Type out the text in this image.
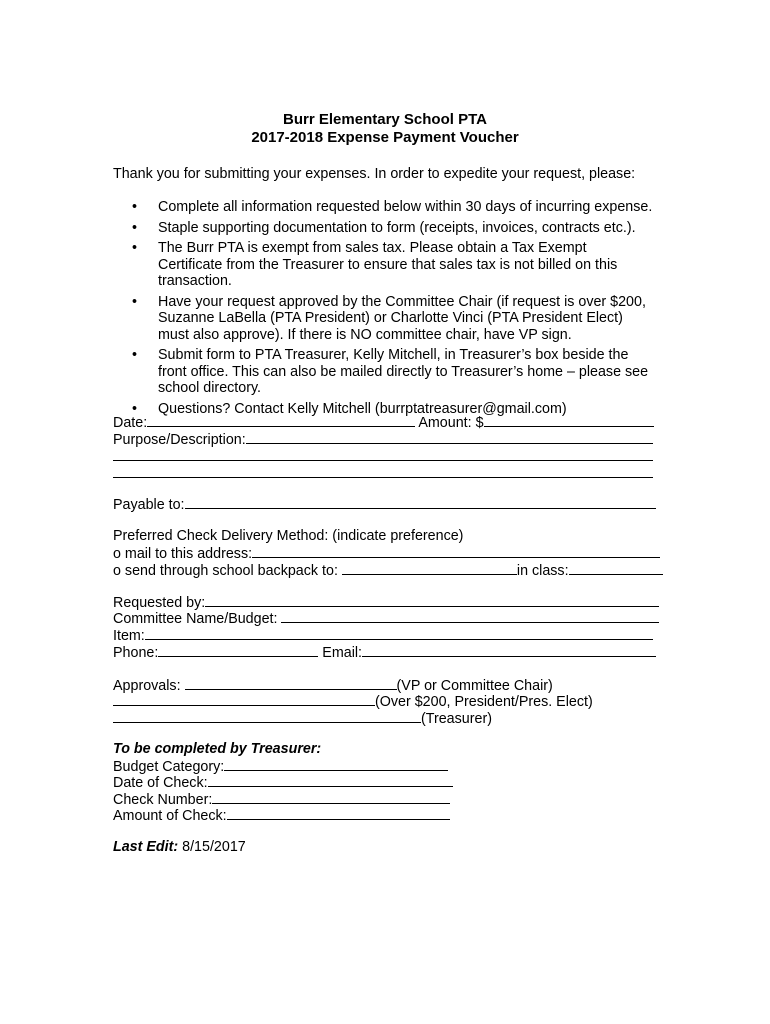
Burr Elementary School PTA
2017-2018 Expense Payment Voucher
Thank you for submitting your expenses. In order to expedite your request, please:
• Complete all information requested below within 30 days of incurring expense.
• Staple supporting documentation to form (receipts, invoices, contracts etc.).
• The Burr PTA is exempt from sales tax. Please obtain a Tax Exempt Certificate from the Treasurer to ensure that sales tax is not billed on this transaction.
• Have your request approved by the Committee Chair (if request is over $200, Suzanne LaBella (PTA President) or Charlotte Vinci (PTA President Elect) must also approve). If there is NO committee chair, have VP sign.
• Submit form to PTA Treasurer, Kelly Mitchell, in Treasurer’s box beside the front office. This can also be mailed directly to Treasurer’s home – please see school directory.
• Questions? Contact Kelly Mitchell (burrptatreasurer@gmail.com)
Date:	Amount: $
Purpose/Description:
Payable to:
Preferred Check Delivery Method: (indicate preference)
o mail to this address:
o send through school backpack to:	in class:
Requested by:
Committee Name/Budget:
Item:
Phone:	Email:
Approvals:	(VP or Committee Chair)
(Over $200, President/Pres. Elect)
(Treasurer)
To be completed by Treasurer:
Budget Category:
Date of Check:
Check Number:
Amount of Check:
Last Edit: 8/15/2017
